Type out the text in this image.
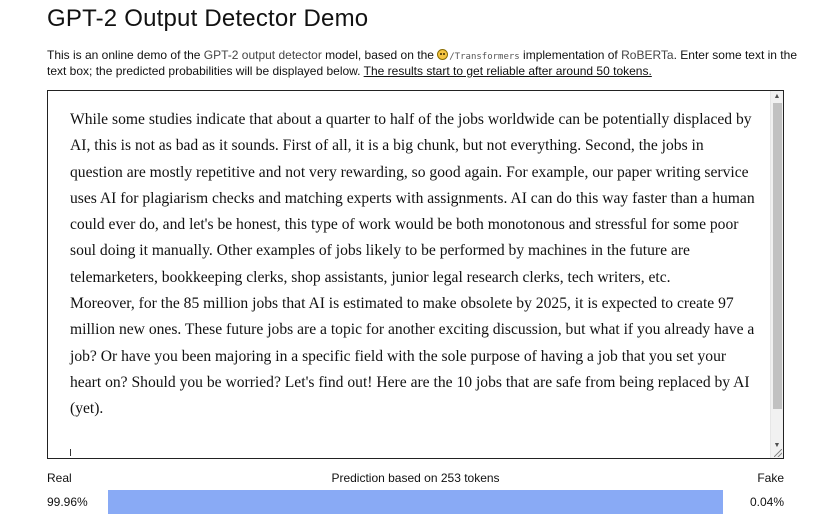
GPT-2 Output Detector Demo
This is an online demo of the GPT-2 output detector model, based on the /Transformers implementation of RoBERTa. Enter some text in the text box; the predicted probabilities will be displayed below. The results start to get reliable after around 50 tokens.
While some studies indicate that about a quarter to half of the jobs worldwide can be potentially displaced by AI, this is not as bad as it sounds. First of all, it is a big chunk, but not everything. Second, the jobs in question are mostly repetitive and not very rewarding, so good again. For example, our paper writing service uses AI for plagiarism checks and matching experts with assignments. AI can do this way faster than a human could ever do, and let's be honest, this type of work would be both monotonous and stressful for some poor soul doing it manually. Other examples of jobs likely to be performed by machines in the future are telemarketers, bookkeeping clerks, shop assistants, junior legal research clerks, tech writers, etc.
Moreover, for the 85 million jobs that AI is estimated to make obsolete by 2025, it is expected to create 97 million new ones. These future jobs are a topic for another exciting discussion, but what if you already have a job? Or have you been majoring in a specific field with the sole purpose of having a job that you set your heart on? Should you be worried? Let's find out! Here are the 10 jobs that are safe from being replaced by AI (yet).
▲
▼
Real	Prediction based on 253 tokens	Fake
99.96%	0.04%
